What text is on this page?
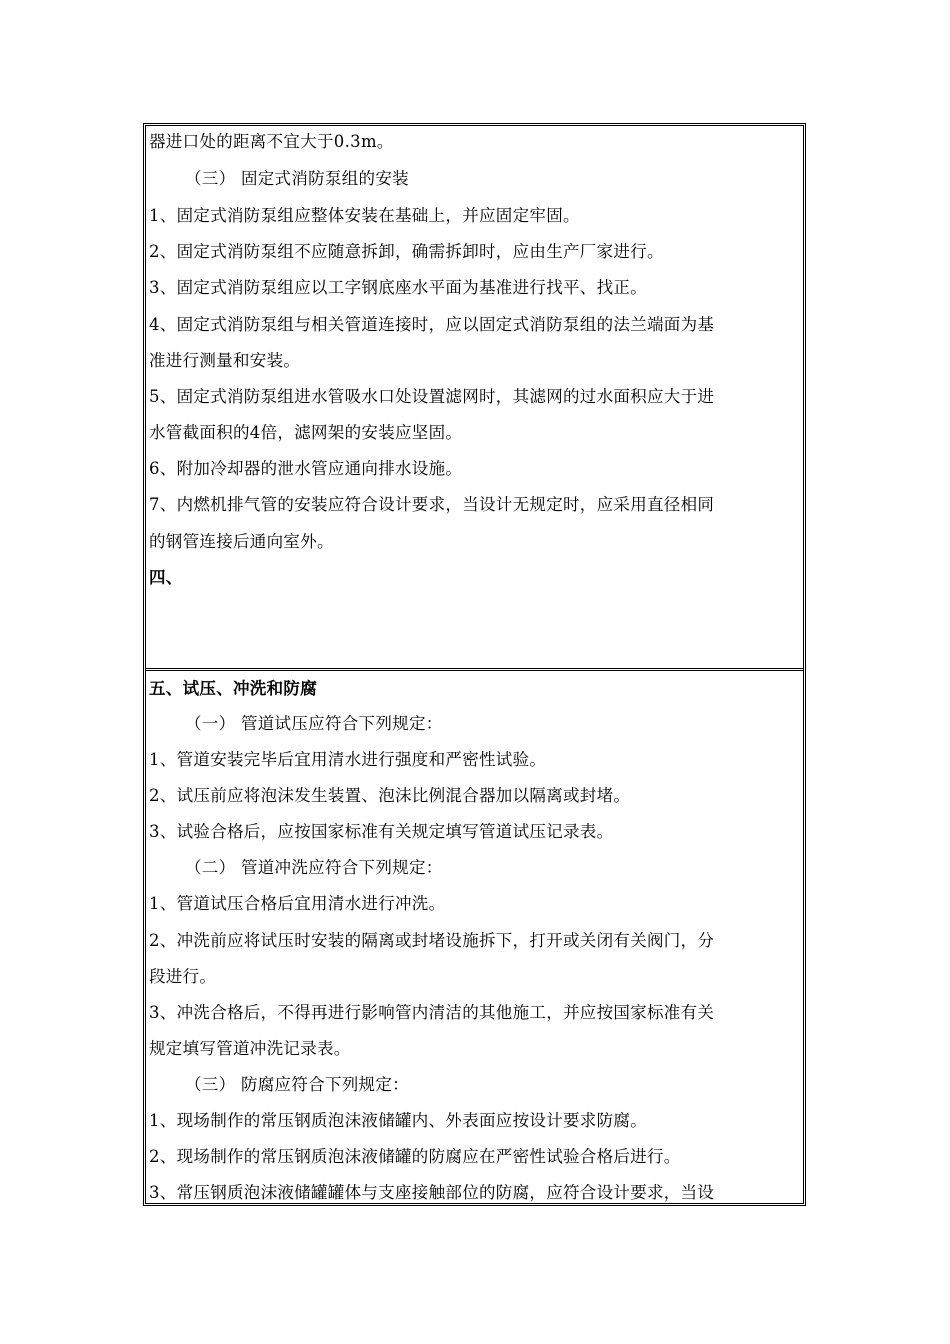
器进口处的距离不宜大于0.3m。
（三） 固定式消防泵组的安装
1、固定式消防泵组应整体安装在基础上，并应固定牢固。
2、固定式消防泵组不应随意拆卸，确需拆卸时，应由生产厂家进行。
3、固定式消防泵组应以工字钢底座水平面为基准进行找平、找正。
4、固定式消防泵组与相关管道连接时，应以固定式消防泵组的法兰端面为基
准进行测量和安装。
5、固定式消防泵组进水管吸水口处设置滤网时，其滤网的过水面积应大于进
水管截面积的4倍，滤网架的安装应坚固。
6、附加冷却器的泄水管应通向排水设施。
7、内燃机排气管的安装应符合设计要求，当设计无规定时，应采用直径相同
的钢管连接后通向室外。
四、
五、试压、冲洗和防腐
（一） 管道试压应符合下列规定：
1、管道安装完毕后宜用清水进行强度和严密性试验。
2、试压前应将泡沫发生装置、泡沫比例混合器加以隔离或封堵。
3、试验合格后，应按国家标准有关规定填写管道试压记录表。
（二） 管道冲洗应符合下列规定：
1、管道试压合格后宜用清水进行冲洗。
2、冲洗前应将试压时安装的隔离或封堵设施拆下，打开或关闭有关阀门，分
段进行。
3、冲洗合格后，不得再进行影响管内清洁的其他施工，并应按国家标准有关
规定填写管道冲洗记录表。
（三） 防腐应符合下列规定：
1、现场制作的常压钢质泡沫液储罐内、外表面应按设计要求防腐。
2、现场制作的常压钢质泡沫液储罐的防腐应在严密性试验合格后进行。
3、常压钢质泡沫液储罐罐体与支座接触部位的防腐，应符合设计要求，当设
